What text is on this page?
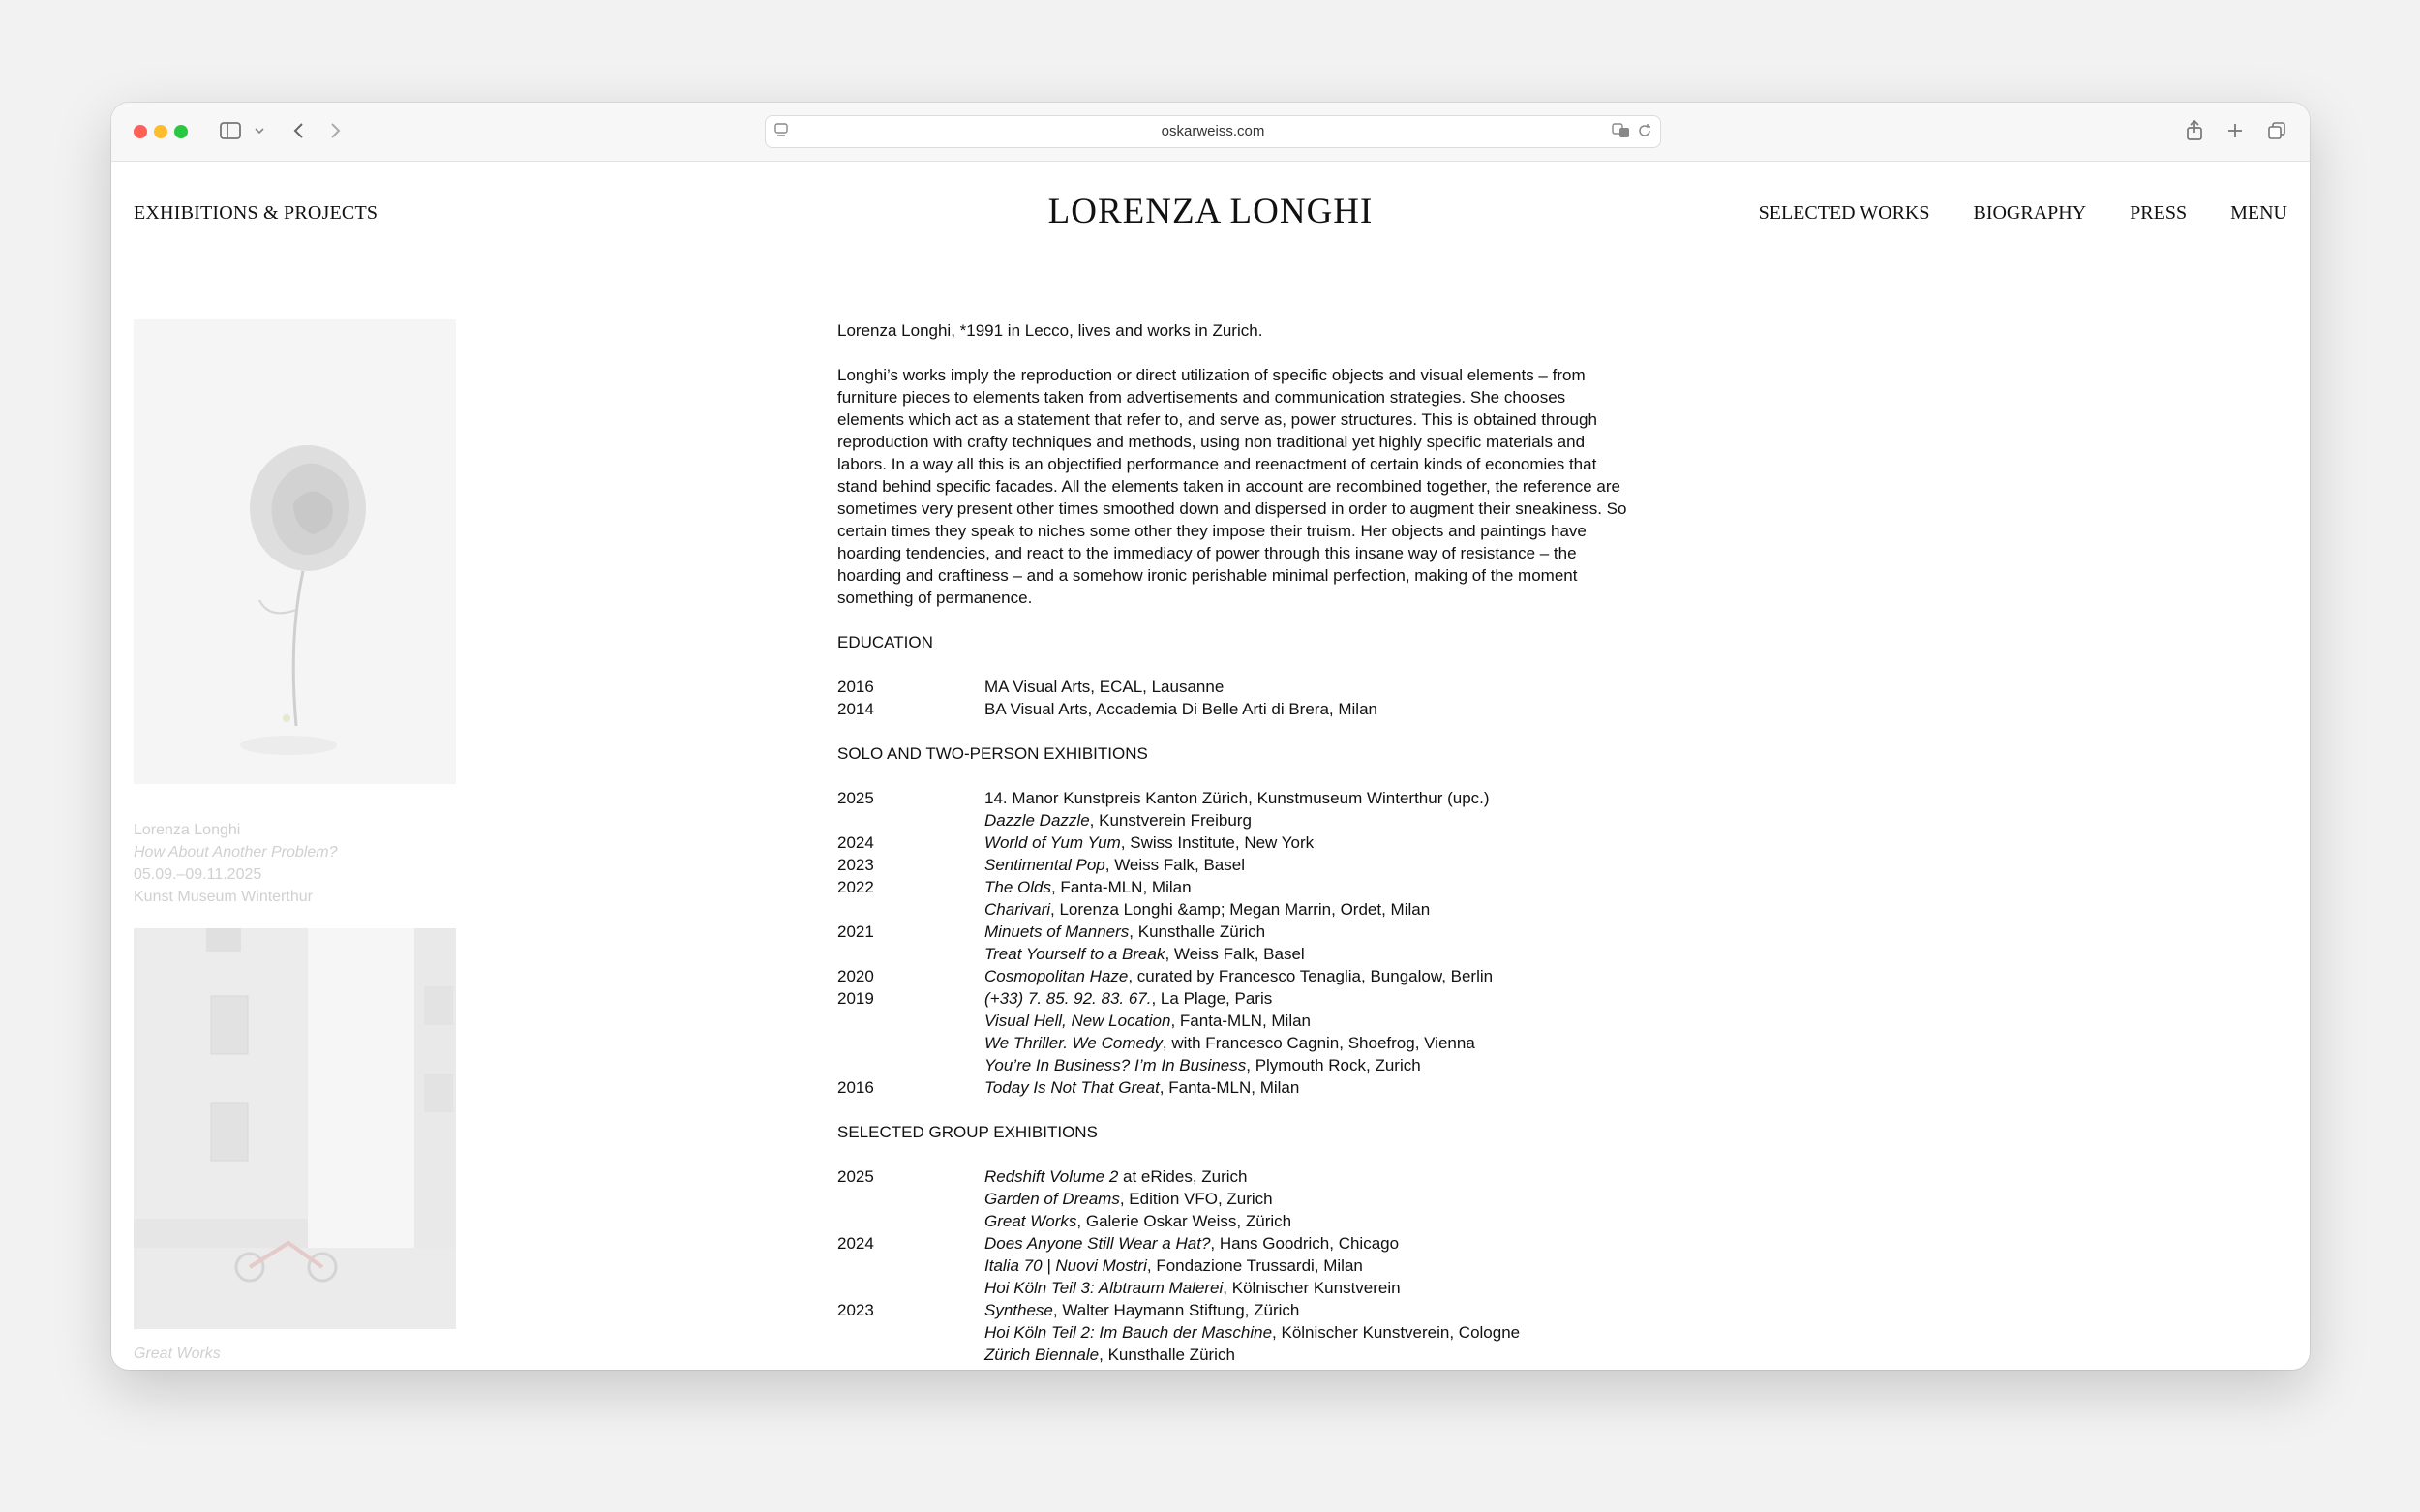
oskarweiss.com
EXHIBITIONS & PROJECTS	LORENZA LONGHI	SELECTED WORKS BIOGRAPHY PRESS MENU
Lorenza Longhi
How About Another Problem?
05.09.–09.11.2025
Kunst Museum Winterthur
Great Works

Lorenza Longhi, *1991 in Lecco, lives and works in Zurich.

Longhi’s works imply the reproduction or direct utilization of specific objects and visual elements – from furniture pieces to elements taken from advertisements and communication strategies. She chooses elements which act as a statement that refer to, and serve as, power structures. This is obtained through reproduction with crafty techniques and methods, using non traditional yet highly specific materials and labors. In a way all this is an objectified performance and reenactment of certain kinds of economies that stand behind specific facades. All the elements taken in account are recombined together, the reference are sometimes very present other times smoothed down and dispersed in order to augment their sneakiness. So certain times they speak to niches some other they impose their truism. Her objects and paintings have hoarding tendencies, and react to the immediacy of power through this insane way of resistance – the hoarding and craftiness – and a somehow ironic perishable minimal perfection, making of the moment something of permanence.

EDUCATION

2016	MA Visual Arts, ECAL, Lausanne
2014	BA Visual Arts, Accademia Di Belle Arti di Brera, Milan

SOLO AND TWO-PERSON EXHIBITIONS

2025	14. Manor Kunstpreis Kanton Zürich, Kunstmuseum Winterthur (upc.)
Dazzle Dazzle, Kunstverein Freiburg
2024	World of Yum Yum, Swiss Institute, New York
2023	Sentimental Pop, Weiss Falk, Basel
2022	The Olds, Fanta-MLN, Milan
Charivari, Lorenza Longhi &amp; Megan Marrin, Ordet, Milan
2021	Minuets of Manners, Kunsthalle Zürich
Treat Yourself to a Break, Weiss Falk, Basel
2020	Cosmopolitan Haze, curated by Francesco Tenaglia, Bungalow, Berlin
2019	(+33) 7. 85. 92. 83. 67., La Plage, Paris
Visual Hell, New Location, Fanta-MLN, Milan
We Thriller. We Comedy, with Francesco Cagnin, Shoefrog, Vienna
You’re In Business? I’m In Business, Plymouth Rock, Zurich
2016	Today Is Not That Great, Fanta-MLN, Milan

SELECTED GROUP EXHIBITIONS

2025	Redshift Volume 2 at eRides, Zurich
Garden of Dreams, Edition VFO, Zurich
Great Works, Galerie Oskar Weiss, Zürich
2024	Does Anyone Still Wear a Hat?, Hans Goodrich, Chicago
Italia 70 | Nuovi Mostri, Fondazione Trussardi, Milan
Hoi Köln Teil 3: Albtraum Malerei, Kölnischer Kunstverein
2023	Synthese, Walter Haymann Stiftung, Zürich
Hoi Köln Teil 2: Im Bauch der Maschine, Kölnischer Kunstverein, Cologne
Zürich Biennale, Kunsthalle Zürich
